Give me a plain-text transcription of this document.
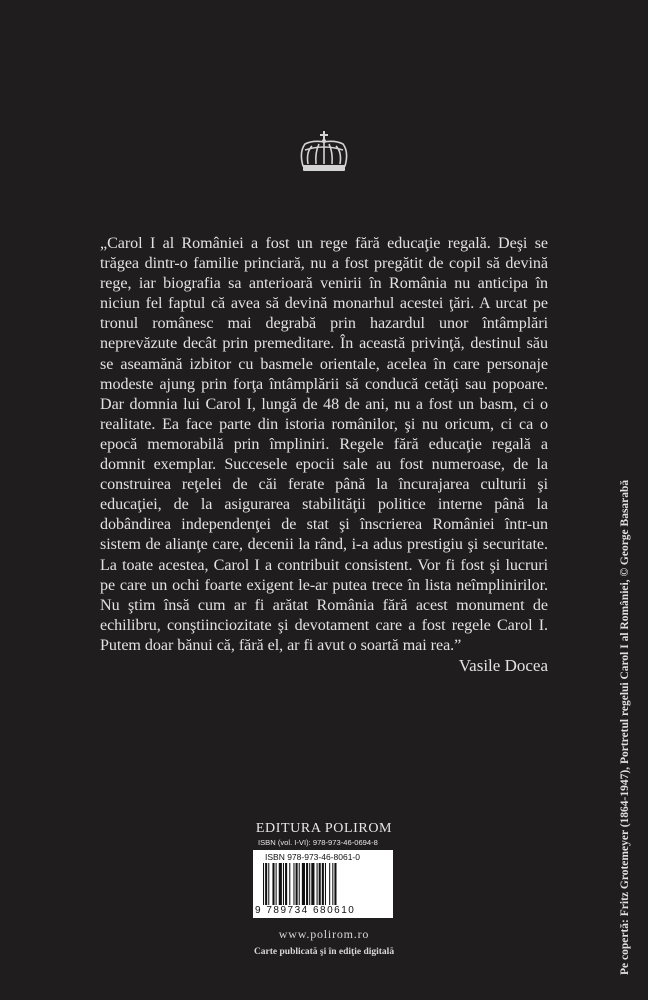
„Carol I al României a fost un rege fără educaţie regală. Deşi se trăgea dintr-o familie princiară, nu a fost pregătit de copil să devină rege, iar biografia sa anterioară venirii în România nu anticipa în niciun fel faptul că avea să devină monarhul acestei ţări. A urcat pe tronul românesc mai degrabă prin hazardul unor întâmplări neprevăzute decât prin premeditare. În această privinţă, destinul său se aseamănă izbitor cu basmele orientale, acelea în care personaje modeste ajung prin forţa întâmplării să conducă cetăţi sau popoare. Dar domnia lui Carol I, lungă de 48 de ani, nu a fost un basm, ci o realitate. Ea face parte din istoria românilor, şi nu oricum, ci ca o epocă memorabilă prin împliniri. Regele fără educaţie regală a domnit exemplar. Succesele epocii sale au fost numeroase, de la construirea reţelei de căi ferate până la încurajarea culturii şi educaţiei, de la asigurarea stabilităţii politice interne până la dobândirea independenţei de stat şi înscrierea României într-un sistem de alianţe care, decenii la rând, i-a adus prestigiu şi securitate. La toate acestea, Carol I a contribuit consistent. Vor fi fost şi lucruri pe care un ochi foarte exigent le-ar putea trece în lista neîmplinirilor. Nu ştim însă cum ar fi arătat România fără acest monument de echilibru, conştiinciozitate şi devotament care a fost regele Carol I. Putem doar bănui că, fără el, ar fi avut o soartă mai rea.”
Vasile Docea
EDITURA POLIROM
ISBN (vol. I-VI): 978-973-46-0694-8
ISBN 978-973-46-8061-0
9 789734 680610
www.polirom.ro
Carte publicată şi în ediţie digitală	Pe copertă: Fritz Grotemeyer (1864-1947), Portretul regelui Carol I al României, © George Basarabă
